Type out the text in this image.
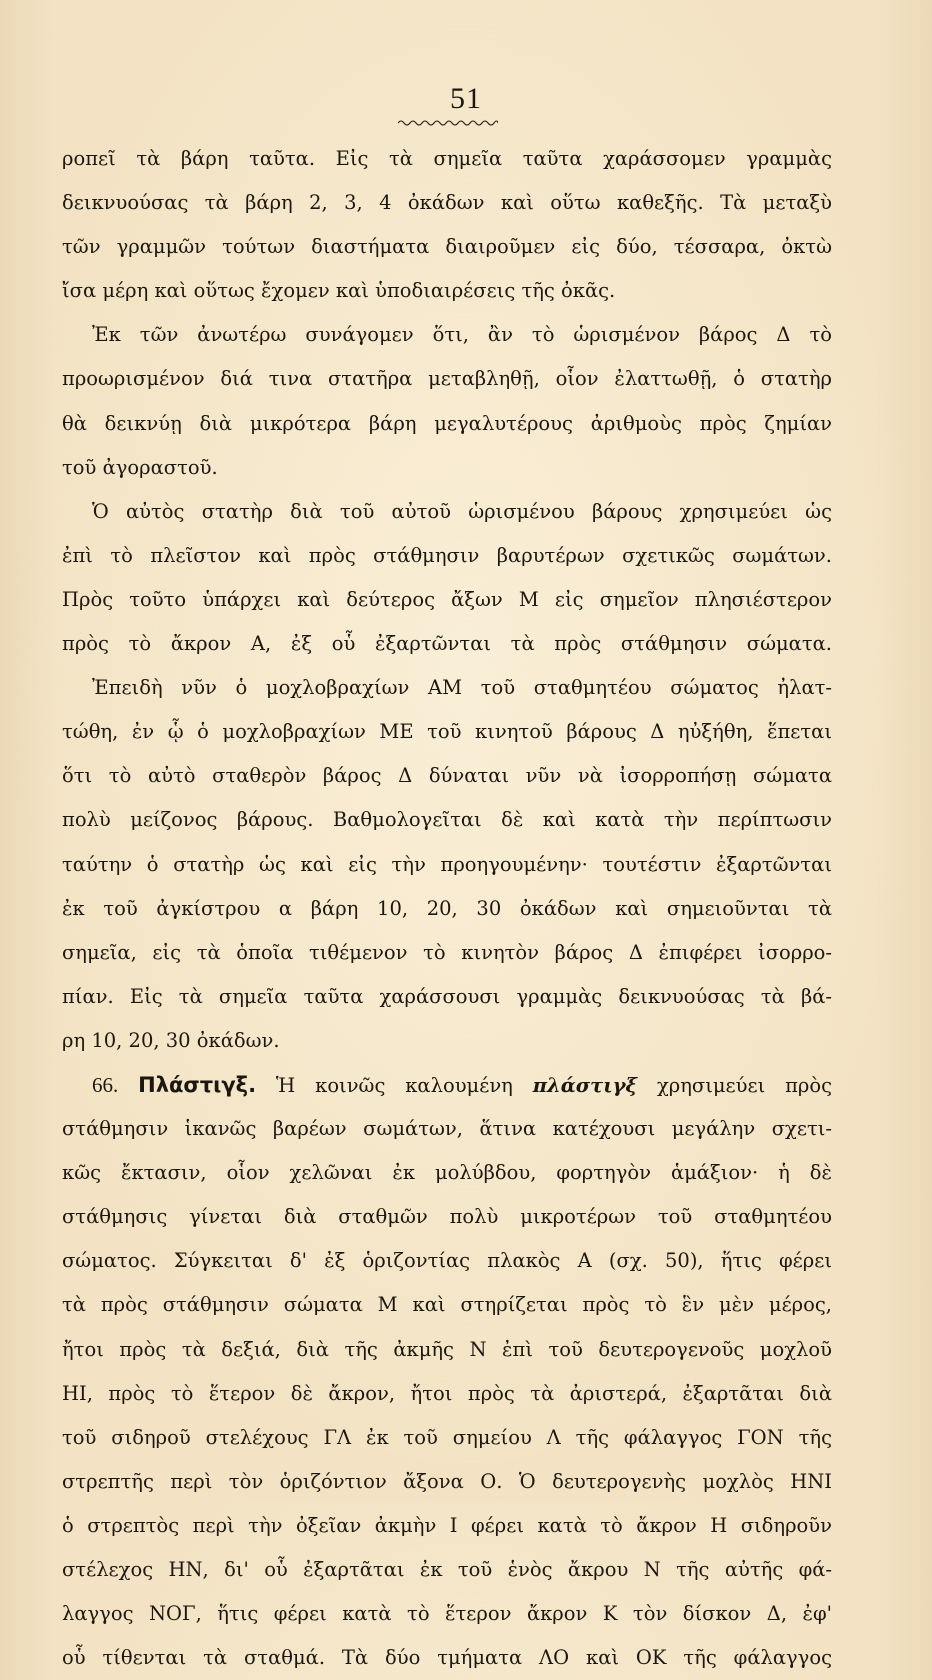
51
ροπεῖ τὰ βάρη ταῦτα. Εἰς τὰ σημεῖα ταῦτα χαράσσομεν γραμμὰς
δεικνυούσας τὰ βάρη 2, 3, 4 ὀκάδων καὶ οὕτω καθεξῆς. Τὰ μεταξὺ
τῶν γραμμῶν τούτων διαστήματα διαιροῦμεν εἰς δύο, τέσσαρα, ὀκτὼ
ἴσα μέρη καὶ οὕτως ἔχομεν καὶ ὑποδιαιρέσεις τῆς ὀκᾶς.
Ἐκ τῶν ἀνωτέρω συνάγομεν ὅτι, ἂν τὸ ὡρισμένον βάρος Δ τὸ
προωρισμένον διά τινα στατῆρα μεταβληθῇ, οἷον ἐλαττωθῇ, ὁ στατὴρ
θὰ δεικνύῃ διὰ μικρότερα βάρη μεγαλυτέρους ἀριθμοὺς πρὸς ζημίαν
τοῦ ἀγοραστοῦ.
Ὁ αὐτὸς στατὴρ διὰ τοῦ αὐτοῦ ὡρισμένου βάρους χρησιμεύει ὡς
ἐπὶ τὸ πλεῖστον καὶ πρὸς στάθμησιν βαρυτέρων σχετικῶς σωμάτων.
Πρὸς τοῦτο ὑπάρχει καὶ δεύτερος ἄξων Μ εἰς σημεῖον πλησιέστερον
πρὸς τὸ ἄκρον Α, ἐξ οὗ ἐξαρτῶνται τὰ πρὸς στάθμησιν σώματα.
Ἐπειδὴ νῦν ὁ μοχλοβραχίων ΑΜ τοῦ σταθμητέου σώματος ἠλατ-
τώθη, ἐν ᾧ ὁ μοχλοβραχίων ΜΕ τοῦ κινητοῦ βάρους Δ ηὐξήθη, ἕπεται
ὅτι τὸ αὐτὸ σταθερὸν βάρος Δ δύναται νῦν νὰ ἰσορροπήσῃ σώματα
πολὺ μείζονος βάρους. Βαθμολογεῖται δὲ καὶ κατὰ τὴν περίπτωσιν
ταύτην ὁ στατὴρ ὡς καὶ εἰς τὴν προηγουμένην· τουτέστιν ἐξαρτῶνται
ἐκ τοῦ ἀγκίστρου α βάρη 10, 20, 30 ὀκάδων καὶ σημειοῦνται τὰ
σημεῖα, εἰς τὰ ὁποῖα τιθέμενον τὸ κινητὸν βάρος Δ ἐπιφέρει ἰσορρο-
πίαν. Εἰς τὰ σημεῖα ταῦτα χαράσσουσι γραμμὰς δεικνυούσας τὰ βά-
ρη 10, 20, 30 ὀκάδων.
66. Πλάστιγξ. Ἡ κοινῶς καλουμένη πλάστιγξ χρησιμεύει πρὸς
στάθμησιν ἱκανῶς βαρέων σωμάτων, ἅτινα κατέχουσι μεγάλην σχετι-
κῶς ἔκτασιν, οἷον χελῶναι ἐκ μολύβδου, φορτηγὸν ἁμάξιον· ἡ δὲ
στάθμησις γίνεται διὰ σταθμῶν πολὺ μικροτέρων τοῦ σταθμητέου
σώματος. Σύγκειται δ' ἐξ ὁριζοντίας πλακὸς Α (σχ. 50), ἥτις φέρει
τὰ πρὸς στάθμησιν σώματα Μ καὶ στηρίζεται πρὸς τὸ ἓν μὲν μέρος,
ἤτοι πρὸς τὰ δεξιά, διὰ τῆς ἀκμῆς Ν ἐπὶ τοῦ δευτερογενοῦς μοχλοῦ
ΗΙ, πρὸς τὸ ἕτερον δὲ ἄκρον, ἤτοι πρὸς τὰ ἀριστερά, ἐξαρτᾶται διὰ
τοῦ σιδηροῦ στελέχους ΓΛ ἐκ τοῦ σημείου Λ τῆς φάλαγγος ΓΟΝ τῆς
στρεπτῆς περὶ τὸν ὁριζόντιον ἄξονα Ο. Ὁ δευτερογενὴς μοχλὸς ΗΝΙ
ὁ στρεπτὸς περὶ τὴν ὀξεῖαν ἀκμὴν Ι φέρει κατὰ τὸ ἄκρον Η σιδηροῦν
στέλεχος ΗΝ, δι' οὗ ἐξαρτᾶται ἐκ τοῦ ἑνὸς ἄκρου Ν τῆς αὐτῆς φά-
λαγγος ΝΟΓ, ἥτις φέρει κατὰ τὸ ἕτερον ἄκρον Κ τὸν δίσκον Δ, ἐφ'
οὗ τίθενται τὰ σταθμά. Τὰ δύο τμήματα ΛΟ καὶ ΟΚ τῆς φάλαγγος
